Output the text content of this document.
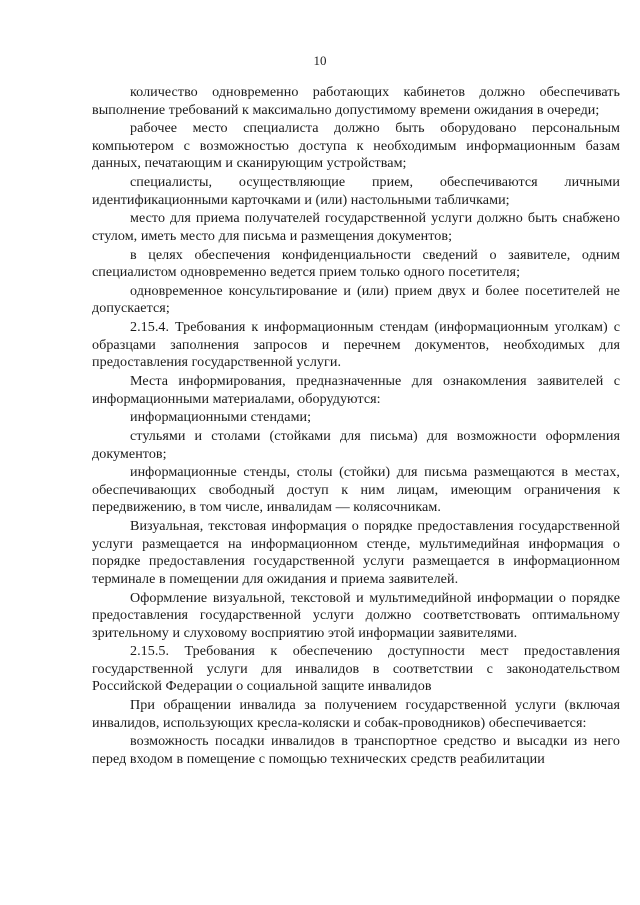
10

количество одновременно работающих кабинетов должно обеспечивать выполнение требований к максимально допустимому времени ожидания в очереди;

рабочее место специалиста должно быть оборудовано персональным компьютером с возможностью доступа к необходимым информационным базам данных, печатающим и сканирующим устройствам;

специалисты, осуществляющие прием, обеспечиваются личными идентификационными карточками и (или) настольными табличками;

место для приема получателей государственной услуги должно быть снабжено стулом, иметь место для письма и размещения документов;

в целях обеспечения конфиденциальности сведений о заявителе, одним специалистом одновременно ведется прием только одного посетителя;

одновременное консультирование и (или) прием двух и более посетителей не допускается;

2.15.4. Требования к информационным стендам (информационным уголкам) с образцами заполнения запросов и перечнем документов, необходимых для предоставления государственной услуги.

Места информирования, предназначенные для ознакомления заявителей с информационными материалами, оборудуются:

информационными стендами;

стульями и столами (стойками для письма) для возможности оформления документов;

информационные стенды, столы (стойки) для письма размещаются в местах, обеспечивающих свободный доступ к ним лицам, имеющим ограничения к передвижению, в том числе, инвалидам — колясочникам.

Визуальная, текстовая информация о порядке предоставления государственной услуги размещается на информационном стенде, мультимедийная информация о порядке предоставления государственной услуги размещается в информационном терминале в помещении для ожидания и приема заявителей.

Оформление визуальной, текстовой и мультимедийной информации о порядке предоставления государственной услуги должно соответствовать оптимальному зрительному и слуховому восприятию этой информации заявителями.

2.15.5. Требования к обеспечению доступности мест предоставления государственной услуги для инвалидов в соответствии с законодательством Российской Федерации о социальной защите инвалидов

При обращении инвалида за получением государственной услуги (включая инвалидов, использующих кресла-коляски и собак-проводников) обеспечивается:

возможность посадки инвалидов в транспортное средство и высадки из него перед входом в помещение с помощью технических средств реабилитации
